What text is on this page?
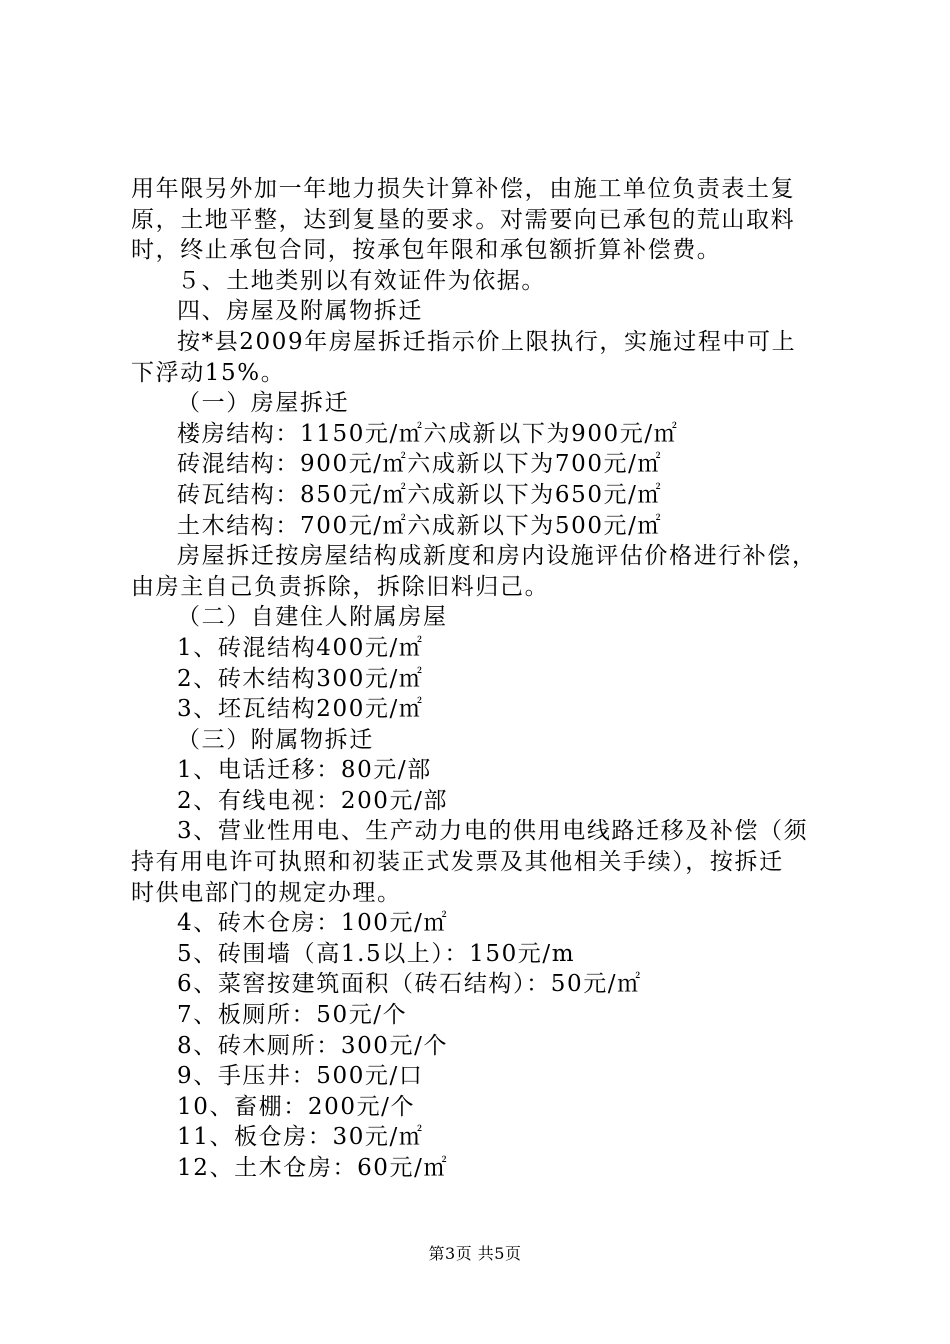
用年限另外加一年地力损失计算补偿，由施工单位负责表土复
原，土地平整，达到复垦的要求。对需要向已承包的荒山取料
时，终止承包合同，按承包年限和承包额折算补偿费。
５、土地类别以有效证件为依据。
四、房屋及附属物拆迁
按*县2009年房屋拆迁指示价上限执行，实施过程中可上
下浮动15%。
（一）房屋拆迁
楼房结构：1150元/㎡六成新以下为900元/㎡
砖混结构：900元/㎡六成新以下为700元/㎡
砖瓦结构：850元/㎡六成新以下为650元/㎡
土木结构：700元/㎡六成新以下为500元/㎡
房屋拆迁按房屋结构成新度和房内设施评估价格进行补偿，
由房主自己负责拆除，拆除旧料归己。
（二）自建住人附属房屋
1、砖混结构400元/㎡
2、砖木结构300元/㎡
3、坯瓦结构200元/㎡
（三）附属物拆迁
1、电话迁移：80元/部
2、有线电视：200元/部
3、营业性用电、生产动力电的供用电线路迁移及补偿（须
持有用电许可执照和初装正式发票及其他相关手续），按拆迁
时供电部门的规定办理。
4、砖木仓房：100元/㎡
5、砖围墙（高1.5以上）：150元/m
6、菜窖按建筑面积（砖石结构）：50元/㎡
7、板厕所：50元/个
8、砖木厕所：300元/个
9、手压井：500元/口
10、畜棚：200元/个
11、板仓房：30元/㎡
12、土木仓房：60元/㎡
第3页 共5页
